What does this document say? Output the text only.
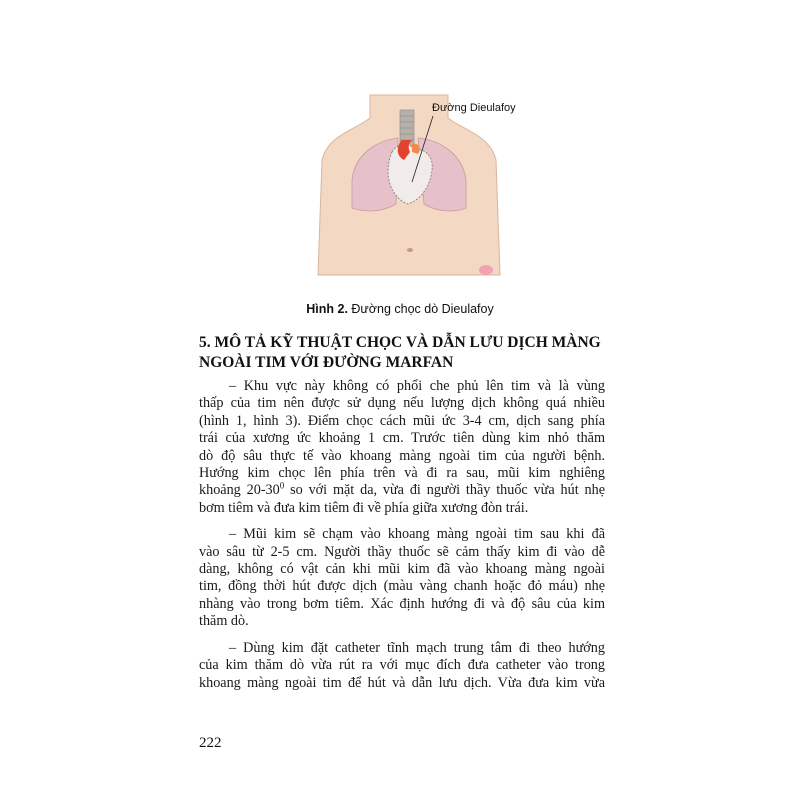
Đường Dieulafoy
Hình 2. Đường chọc dò Dieulafoy
5. MÔ TẢ KỸ THUẬT CHỌC VÀ DẪN LƯU DỊCH MÀNG
NGOÀI TIM VỚI ĐƯỜNG MARFAN
– Khu vực này không có phổi che phủ lên tim và là vùng
thấp của tim nên được sử dụng nếu lượng dịch không quá nhiều
(hình 1, hình 3). Điểm chọc cách mũi ức 3-4 cm, dịch sang phía
trái của xương ức khoảng 1 cm. Trước tiên dùng kim nhỏ thăm
dò độ sâu thực tế vào khoang màng ngoài tim của người bệnh.
Hướng kim chọc lên phía trên và đi ra sau, mũi kim nghiêng
khoảng $20-30^0$ so với mặt da, vừa đi người thầy thuốc vừa hút nhẹ
bơm tiêm và đưa kim tiêm đi về phía giữa xương đòn trái.
– Mũi kim sẽ chạm vào khoang màng ngoài tim sau khi đã
vào sâu từ 2-5 cm. Người thầy thuốc sẽ cảm thấy kim đi vào dễ
dàng, không có vật cản khi mũi kim đã vào khoang màng ngoài
tim, đồng thời hút được dịch (màu vàng chanh hoặc đỏ máu) nhẹ
nhàng vào trong bơm tiêm. Xác định hướng đi và độ sâu của kim
thăm dò.
– Dùng kim đặt catheter tĩnh mạch trung tâm đi theo hướng
của kim thăm dò vừa rút ra với mục đích đưa catheter vào trong
khoang màng ngoài tim để hút và dẫn lưu dịch. Vừa đưa kim vừa
222
